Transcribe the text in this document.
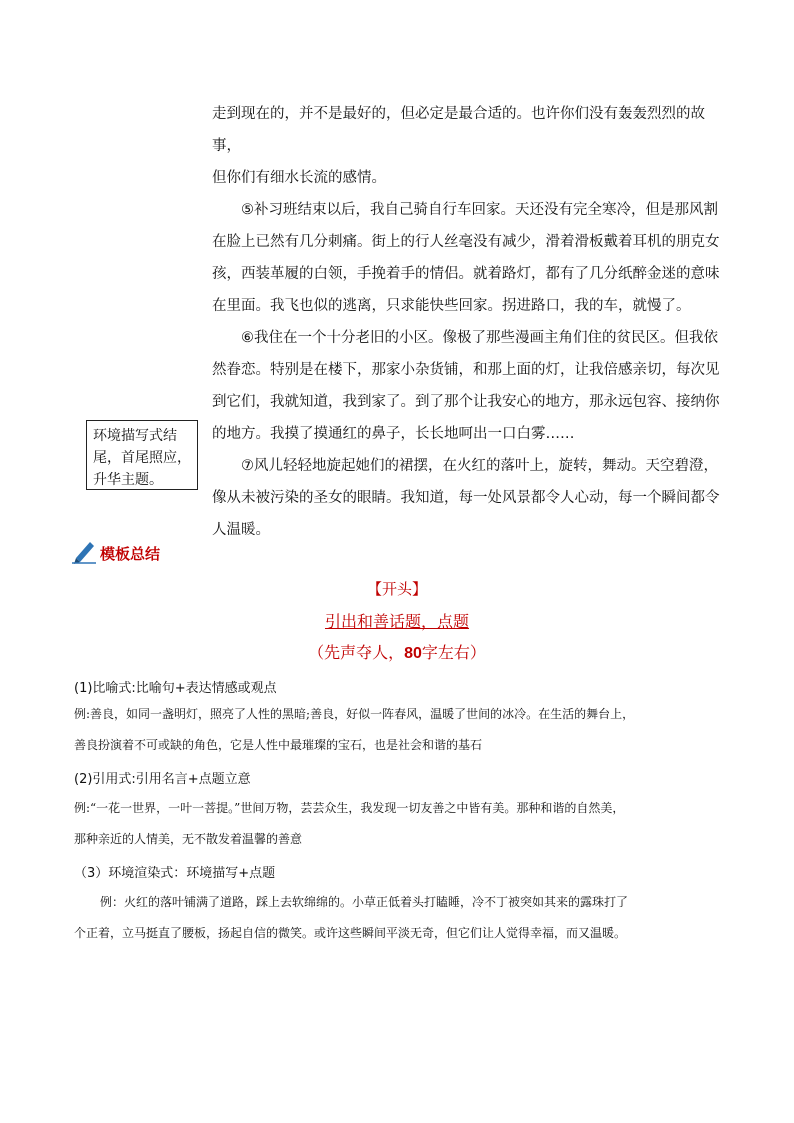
走到现在的，并不是最好的，但必定是最合适的。也许你们没有轰轰烈烈的故事，

但你们有细水长流的感情。

⑤补习班结束以后，我自己骑自行车回家。天还没有完全寒冷，但是那风割在脸上已然有几分刺痛。街上的行人丝毫没有减少，滑着滑板戴着耳机的朋克女孩，西装革履的白领，手挽着手的情侣。就着路灯，都有了几分纸醉金迷的意味在里面。我飞也似的逃离，只求能快些回家。拐进路口，我的车，就慢了。

⑥我住在一个十分老旧的小区。像极了那些漫画主角们住的贫民区。但我依然眷恋。特别是在楼下，那家小杂货铺，和那上面的灯，让我倍感亲切，每次见到它们，我就知道，我到家了。到了那个让我安心的地方，那永远包容、接纳你的地方。我摸了摸通红的鼻子，长长地呵出一口白雾……

⑦风儿轻轻地旋起她们的裙摆，在火红的落叶上，旋转，舞动。天空碧澄，像从未被污染的圣女的眼睛。我知道，每一处风景都令人心动，每一个瞬间都令人温暖。

环境描写式结尾，首尾照应，升华主题。
模板总结
【开头】
引出和善话题，点题
（先声夺人，80字左右）
(1)比喻式:比喻句+表达情感或观点
例:善良，如同一盏明灯，照亮了人性的黑暗;善良，好似一阵春风，温暖了世间的冰冷。在生活的舞台上，
善良扮演着不可或缺的角色，它是人性中最璀璨的宝石，也是社会和谐的基石
(2)引用式:引用名言+点题立意
例:“一花一世界，一叶一菩提。”世间万物，芸芸众生，我发现一切友善之中皆有美。那种和谐的自然美，
那种亲近的人情美，无不散发着温馨的善意
（3）环境渲染式：环境描写+点题
例：火红的落叶铺满了道路，踩上去软绵绵的。小草正低着头打瞌睡，冷不丁被突如其来的露珠打了
个正着，立马挺直了腰板，扬起自信的微笑。或许这些瞬间平淡无奇，但它们让人觉得幸福，而又温暖。
